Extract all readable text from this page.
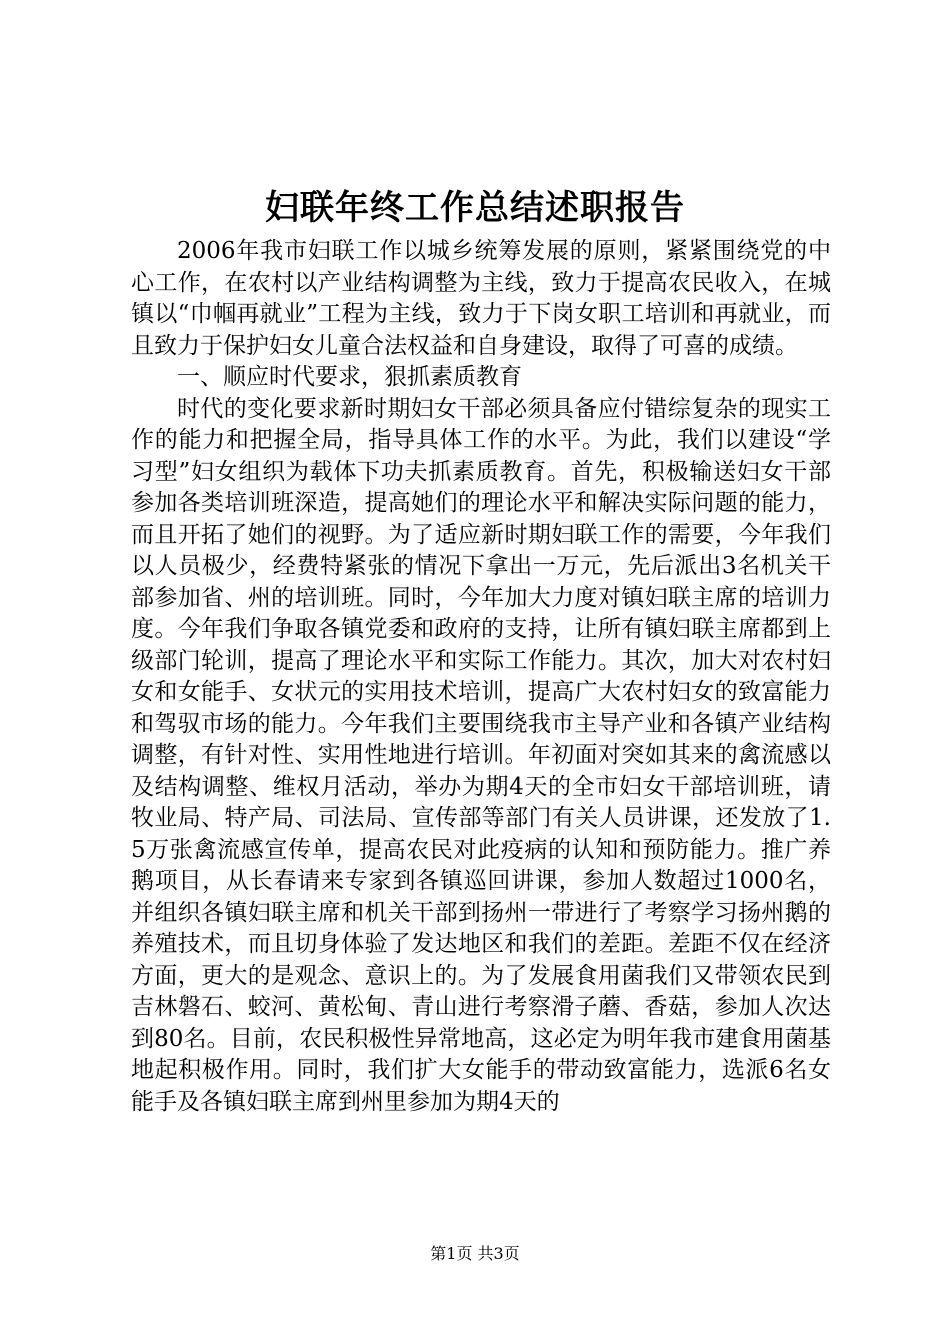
妇联年终工作总结述职报告

2006年我市妇联工作以城乡统筹发展的原则，紧紧围绕党的中心工作，在农村以产业结构调整为主线，致力于提高农民收入，在城镇以“巾帼再就业”工程为主线，致力于下岗女职工培训和再就业，而且致力于保护妇女儿童合法权益和自身建设，取得了可喜的成绩。

一、顺应时代要求，狠抓素质教育

时代的变化要求新时期妇女干部必须具备应付错综复杂的现实工作的能力和把握全局，指导具体工作的水平。为此，我们以建设“学习型”妇女组织为载体下功夫抓素质教育。首先，积极输送妇女干部参加各类培训班深造，提高她们的理论水平和解决实际问题的能力，而且开拓了她们的视野。为了适应新时期妇联工作的需要，今年我们以人员极少，经费特紧张的情况下拿出一万元，先后派出3名机关干部参加省、州的培训班。同时，今年加大力度对镇妇联主席的培训力度。今年我们争取各镇党委和政府的支持，让所有镇妇联主席都到上级部门轮训，提高了理论水平和实际工作能力。其次，加大对农村妇女和女能手、女状元的实用技术培训，提高广大农村妇女的致富能力和驾驭市场的能力。今年我们主要围绕我市主导产业和各镇产业结构调整，有针对性、实用性地进行培训。年初面对突如其来的禽流感以及结构调整、维权月活动，举办为期4天的全市妇女干部培训班，请牧业局、特产局、司法局、宣传部等部门有关人员讲课，还发放了1.5万张禽流感宣传单，提高农民对此疫病的认知和预防能力。推广养鹅项目，从长春请来专家到各镇巡回讲课，参加人数超过1000名，并组织各镇妇联主席和机关干部到扬州一带进行了考察学习扬州鹅的养殖技术，而且切身体验了发达地区和我们的差距。差距不仅在经济方面，更大的是观念、意识上的。为了发展食用菌我们又带领农民到吉林磐石、蛟河、黄松甸、青山进行考察滑子蘑、香菇，参加人次达到80名。目前，农民积极性异常地高，这必定为明年我市建食用菌基地起积极作用。同时，我们扩大女能手的带动致富能力，选派6名女能手及各镇妇联主席到州里参加为期4天的

第1页 共3页
